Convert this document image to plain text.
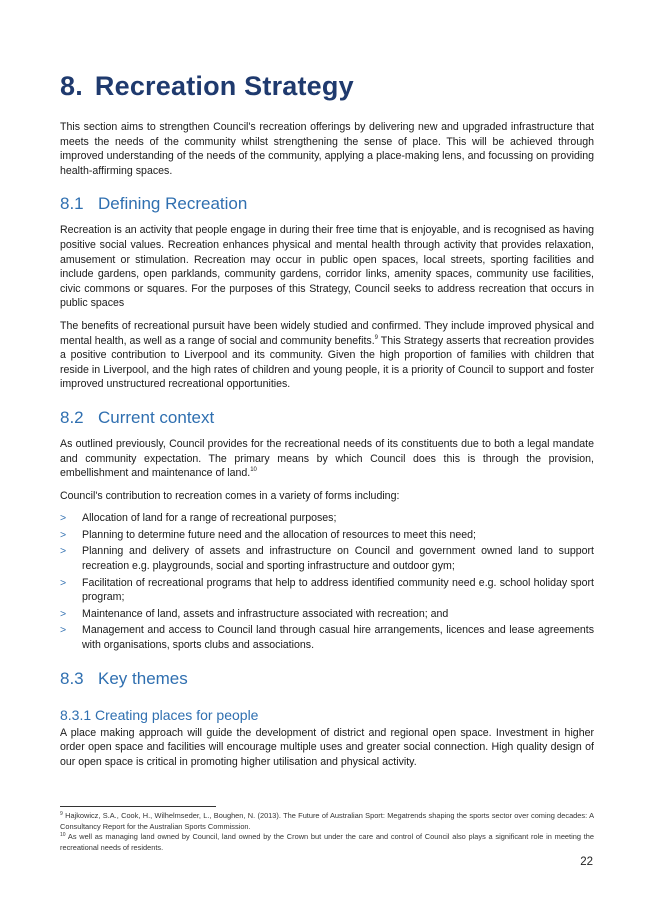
8. Recreation Strategy

This section aims to strengthen Council's recreation offerings by delivering new and upgraded infrastructure that meets the needs of the community whilst strengthening the sense of place. This will be achieved through improved understanding of the needs of the community, applying a place-making lens, and focussing on providing health-affirming spaces.

8.1 Defining Recreation

Recreation is an activity that people engage in during their free time that is enjoyable, and is recognised as having positive social values. Recreation enhances physical and mental health through activity that provides relaxation, amusement or stimulation. Recreation may occur in public open spaces, local streets, sporting facilities and include gardens, open parklands, community gardens, corridor links, amenity spaces, community use facilities, civic commons or squares. For the purposes of this Strategy, Council seeks to address recreation that occurs in public spaces

The benefits of recreational pursuit have been widely studied and confirmed. They include improved physical and mental health, as well as a range of social and community benefits.$^9$ This Strategy asserts that recreation provides a positive contribution to Liverpool and its community. Given the high proportion of families with children that reside in Liverpool, and the high rates of children and young people, it is a priority of Council to support and foster improved unstructured recreational opportunities.

8.2 Current context

As outlined previously, Council provides for the recreational needs of its constituents due to both a legal mandate and community expectation. The primary means by which Council does this is through the provision, embellishment and maintenance of land.$^{10}$

Council's contribution to recreation comes in a variety of forms including:

> Allocation of land for a range of recreational purposes;
> Planning to determine future need and the allocation of resources to meet this need;
> Planning and delivery of assets and infrastructure on Council and government owned land to support recreation e.g. playgrounds, social and sporting infrastructure and outdoor gym;
> Facilitation of recreational programs that help to address identified community need e.g. school holiday sport program;
> Maintenance of land, assets and infrastructure associated with recreation; and
> Management and access to Council land through casual hire arrangements, licences and lease agreements with organisations, sports clubs and associations.
8.3 Key themes
8.3.1 Creating places for people

A place making approach will guide the development of district and regional open space. Investment in higher order open space and facilities will encourage multiple uses and greater social connection. High quality design of our open space is critical in promoting higher utilisation and physical activity.

$^9$ Hajkowicz, S.A., Cook, H., Wilhelmseder, L., Boughen, N. (2013). The Future of Australian Sport: Megatrends shaping the sports sector over coming decades: A Consultancy Report for the Australian Sports Commission.

$^{10}$ As well as managing land owned by Council, land owned by the Crown but under the care and control of Council also plays a significant role in meeting the recreational needs of residents.

22
